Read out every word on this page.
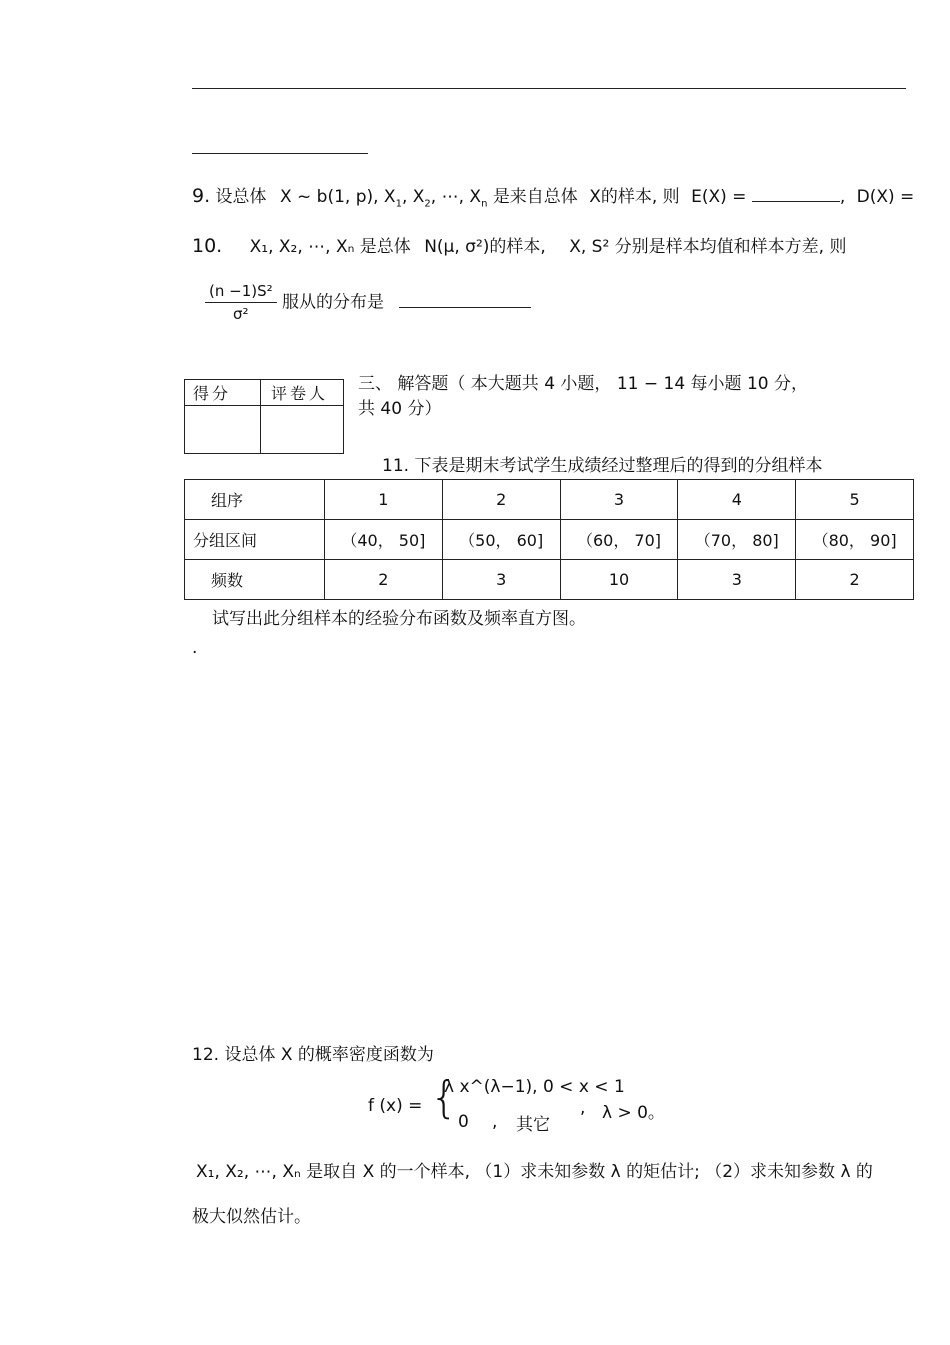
9. 设总体 X ~ b(1, p), $X_1$, $X_2$, ⋯, $X_n$ 是来自总体 X的样本, 则 E(X) =	, D(X) =
10. X₁, X₂, ⋯, Xₙ 是总体 N(μ, σ²)的样本, X, S² 分别是样本均值和样本方差, 则
$\frac{\text{(n −1)S²}}{\text{σ²}}$ 服从的分布是
得分	评卷人
	三、 解答题（ 本大题共 4 小题， 11 − 14 每小题 10 分，
共 40 分）
11. 下表是期末考试学生成绩经过整理后的得到的分组样本
组序	1	2	3	4	5
分组区间	（40， 50]	（50， 60]	（60， 70]	（70， 80]	（80， 90]
频数	2	3	10	3	2
试写出此分组样本的经验分布函数及频率直方图。
.
12. 设总体 X 的概率密度函数为
f (x) = {
λ x^(λ−1), 0 < x < 1
0 , 其它
, λ > 0。
X₁, X₂, ⋯, Xₙ 是取自 X 的一个样本, （1）求未知参数 λ 的矩估计; （2）求未知参数 λ 的
极大似然估计。
